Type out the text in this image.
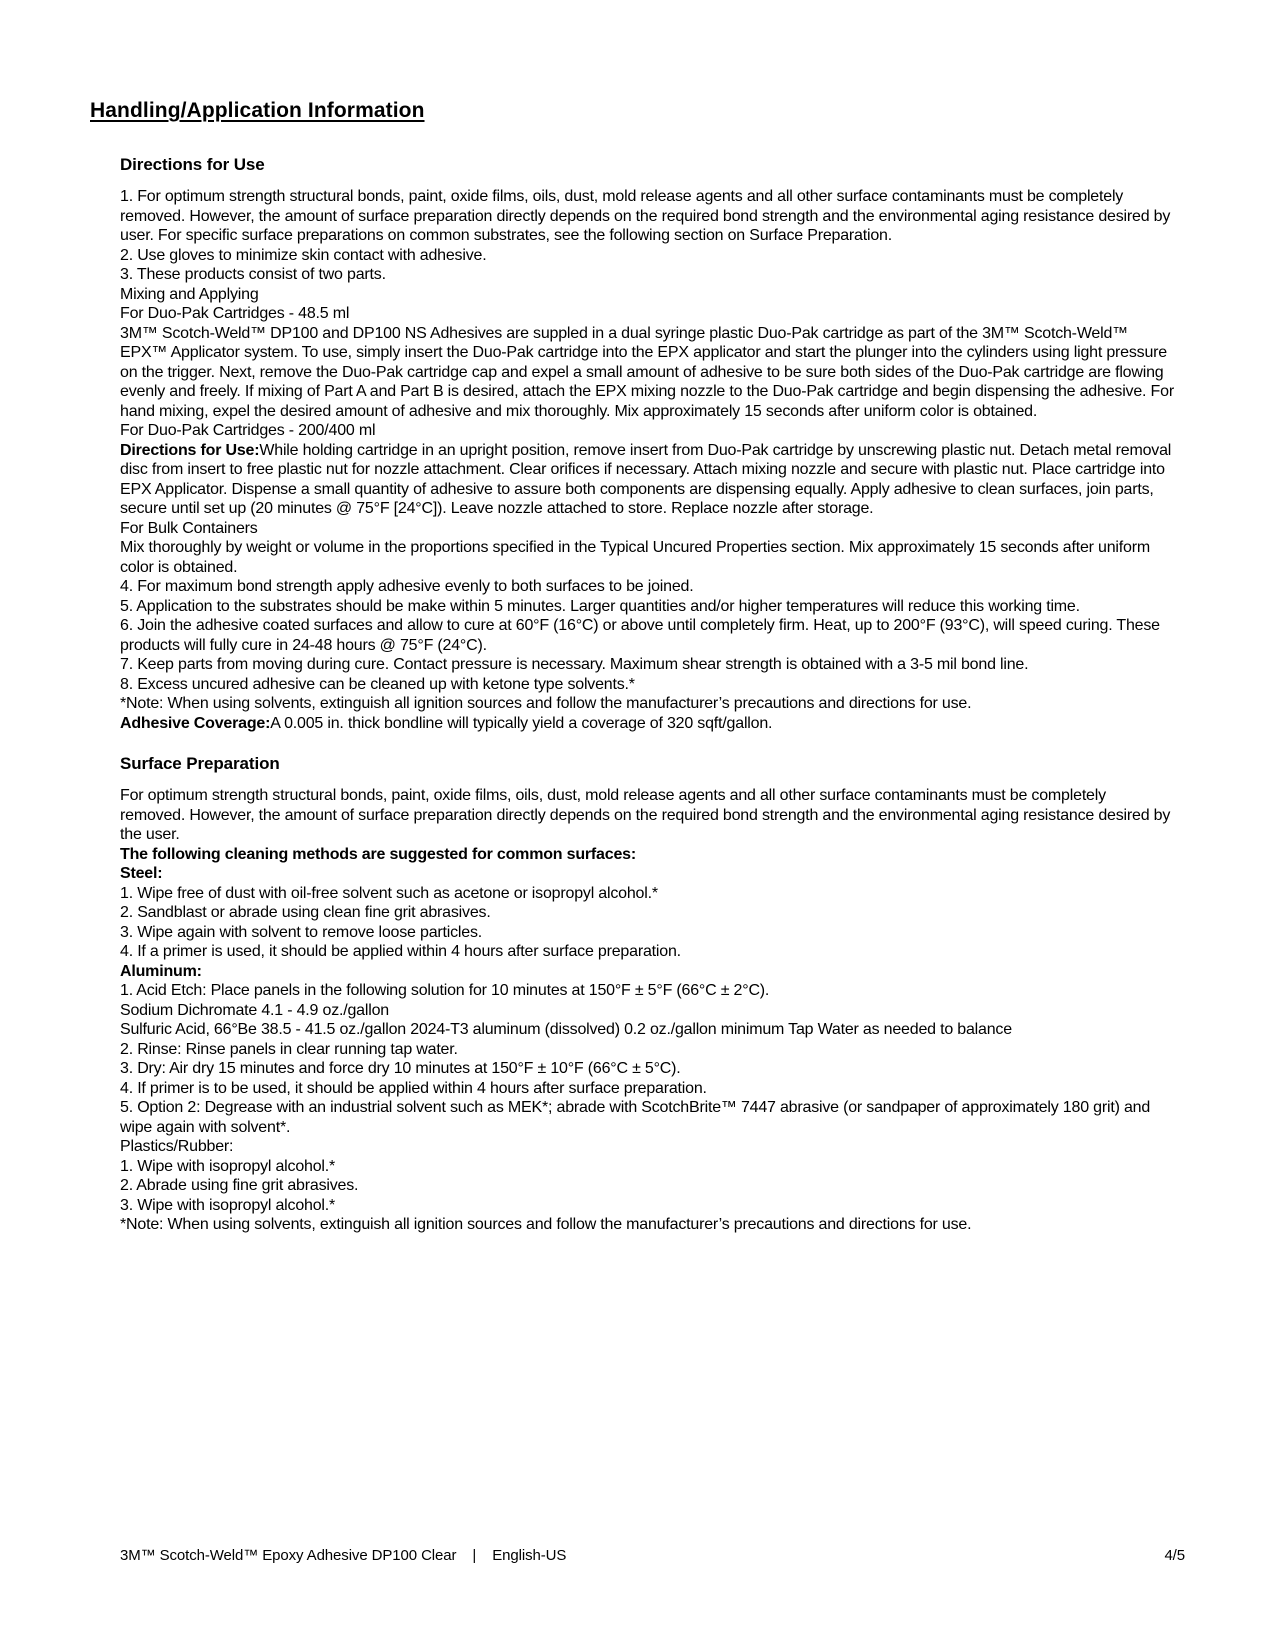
Handling/Application Information
Directions for Use

1. For optimum strength structural bonds, paint, oxide films, oils, dust, mold release agents and all other surface contaminants must be completely removed. However, the amount of surface preparation directly depends on the required bond strength and the environmental aging resistance desired by user. For specific surface preparations on common substrates, see the following section on Surface Preparation.

2. Use gloves to minimize skin contact with adhesive.

3. These products consist of two parts.

Mixing and Applying

For Duo-Pak Cartridges - 48.5 ml

3M™ Scotch-Weld™ DP100 and DP100 NS Adhesives are suppled in a dual syringe plastic Duo-Pak cartridge as part of the 3M™ Scotch-Weld™ EPX™ Applicator system. To use, simply insert the Duo-Pak cartridge into the EPX applicator and start the plunger into the cylinders using light pressure on the trigger. Next, remove the Duo-Pak cartridge cap and expel a small amount of adhesive to be sure both sides of the Duo-Pak cartridge are flowing evenly and freely. If mixing of Part A and Part B is desired, attach the EPX mixing nozzle to the Duo-Pak cartridge and begin dispensing the adhesive. For hand mixing, expel the desired amount of adhesive and mix thoroughly. Mix approximately 15 seconds after uniform color is obtained.

For Duo-Pak Cartridges - 200/400 ml

Directions for Use:While holding cartridge in an upright position, remove insert from Duo-Pak cartridge by unscrewing plastic nut. Detach metal removal disc from insert to free plastic nut for nozzle attachment. Clear orifices if necessary. Attach mixing nozzle and secure with plastic nut. Place cartridge into EPX Applicator. Dispense a small quantity of adhesive to assure both components are dispensing equally. Apply adhesive to clean surfaces, join parts, secure until set up (20 minutes @ 75°F [24°C]). Leave nozzle attached to store. Replace nozzle after storage.

For Bulk Containers

Mix thoroughly by weight or volume in the proportions specified in the Typical Uncured Properties section. Mix approximately 15 seconds after uniform color is obtained.

4. For maximum bond strength apply adhesive evenly to both surfaces to be joined.

5. Application to the substrates should be make within 5 minutes. Larger quantities and/or higher temperatures will reduce this working time.

6. Join the adhesive coated surfaces and allow to cure at 60°F (16°C) or above until completely firm. Heat, up to 200°F (93°C), will speed curing. These products will fully cure in 24-48 hours @ 75°F (24°C).

7. Keep parts from moving during cure. Contact pressure is necessary. Maximum shear strength is obtained with a 3-5 mil bond line.

8. Excess uncured adhesive can be cleaned up with ketone type solvents.*

*Note: When using solvents, extinguish all ignition sources and follow the manufacturer’s precautions and directions for use.

Adhesive Coverage:A 0.005 in. thick bondline will typically yield a coverage of 320 sqft/gallon.

Surface Preparation

For optimum strength structural bonds, paint, oxide films, oils, dust, mold release agents and all other surface contaminants must be completely removed. However, the amount of surface preparation directly depends on the required bond strength and the environmental aging resistance desired by the user.

The following cleaning methods are suggested for common surfaces:

Steel:

1. Wipe free of dust with oil-free solvent such as acetone or isopropyl alcohol.*

2. Sandblast or abrade using clean fine grit abrasives.

3. Wipe again with solvent to remove loose particles.

4. If a primer is used, it should be applied within 4 hours after surface preparation.

Aluminum:

1. Acid Etch: Place panels in the following solution for 10 minutes at 150°F ± 5°F (66°C ± 2°C).

Sodium Dichromate 4.1 - 4.9 oz./gallon

Sulfuric Acid, 66°Be 38.5 - 41.5 oz./gallon 2024-T3 aluminum (dissolved) 0.2 oz./gallon minimum Tap Water as needed to balance

2. Rinse: Rinse panels in clear running tap water.

3. Dry: Air dry 15 minutes and force dry 10 minutes at 150°F ± 10°F (66°C ± 5°C).

4. If primer is to be used, it should be applied within 4 hours after surface preparation.

5. Option 2: Degrease with an industrial solvent such as MEK*; abrade with ScotchBrite™ 7447 abrasive (or sandpaper of approximately 180 grit) and wipe again with solvent*.

Plastics/Rubber:

1. Wipe with isopropyl alcohol.*

2. Abrade using fine grit abrasives.

3. Wipe with isopropyl alcohol.*

*Note: When using solvents, extinguish all ignition sources and follow the manufacturer’s precautions and directions for use.

3M™ Scotch-Weld™ Epoxy Adhesive DP100 Clear | English-US	4/5
